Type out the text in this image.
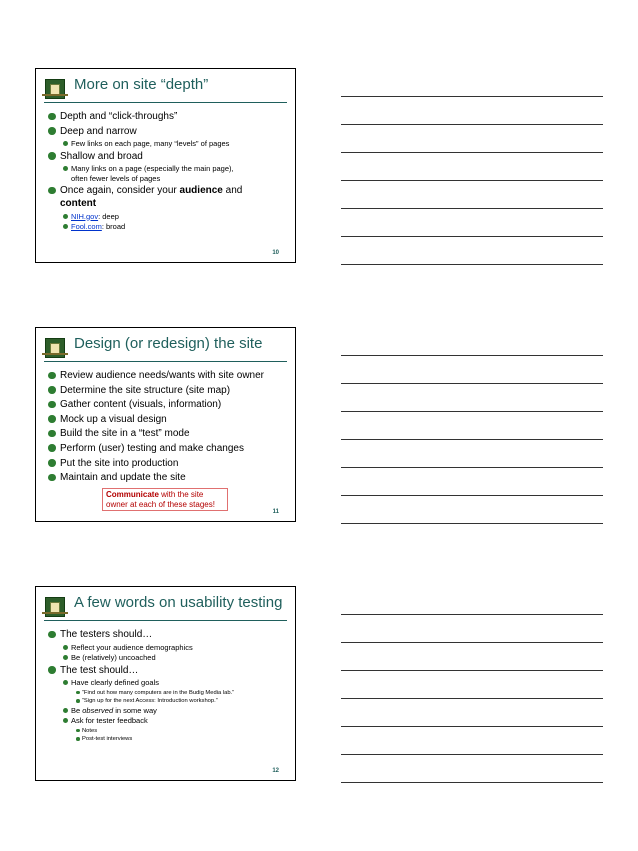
More on site “depth”
Depth and “click-throughs”
Deep and narrow
Few links on each page, many “levels” of pages
Shallow and broad
Many links on a page (especially the main page),
often fewer levels of pages
Once again, consider your audience and
content
NIH.gov: deep
Fool.com: broad
10
Design (or redesign) the site
Review audience needs/wants with site owner
Determine the site structure (site map)
Gather content (visuals, information)
Mock up a visual design
Build the site in a “test” mode
Perform (user) testing and make changes
Put the site into production
Maintain and update the site
Communicate with the site
owner at each of these stages!
11
A few words on usability testing
The testers should…
Reflect your audience demographics
Be (relatively) uncoached
The test should…
Have clearly defined goals
“Find out how many computers are in the Budig Media lab.”
“Sign up for the next Access: Introduction workshop.”
Be observed in some way
Ask for tester feedback
Notes
Post-test interviews
12
